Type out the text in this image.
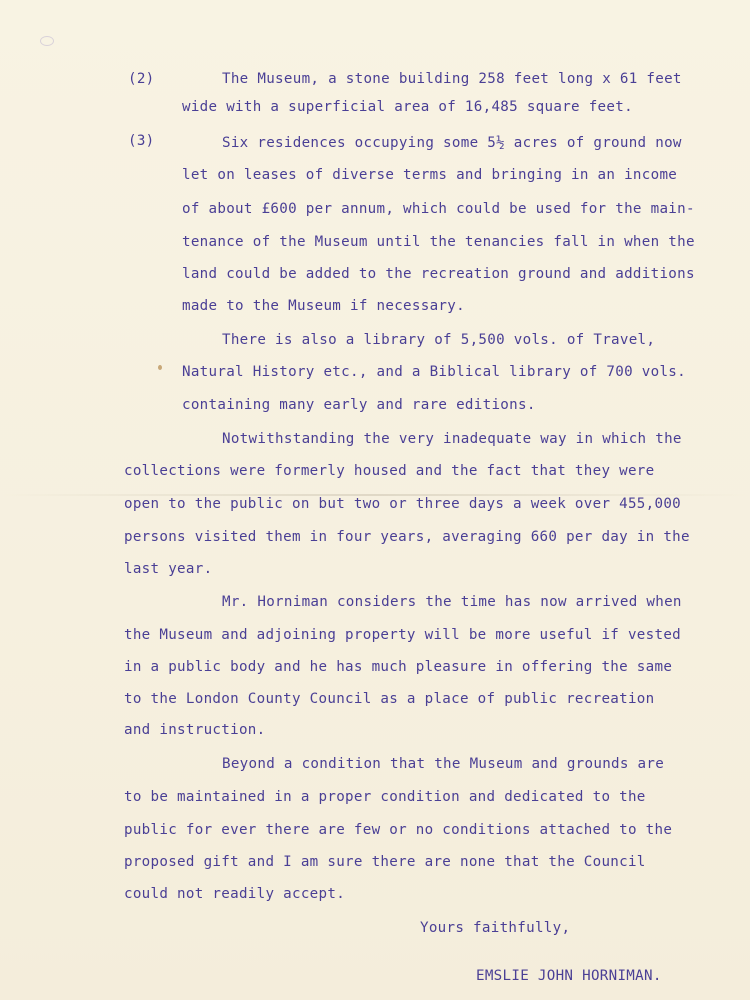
(2)	The Museum, a stone building 258 feet long x 61 feet
wide with a superficial area of 16,485 square feet.
(3)	Six residences occupying some 5½ acres of ground now
let on leases of diverse terms and bringing in an income
of about £600 per annum, which could be used for the main-
tenance of the Museum until the tenancies fall in when the
land could be added to the recreation ground and additions
made to the Museum if necessary.
There is also a library of 5,500 vols. of Travel,
Natural History etc., and a Biblical library of 700 vols.
containing many early and rare editions.
Notwithstanding the very inadequate way in which the
collections were formerly housed and the fact that they were
open to the public on but two or three days a week over 455,000
persons visited them in four years, averaging 660 per day in the
last year.
Mr. Horniman considers the time has now arrived when
the Museum and adjoining property will be more useful if vested
in a public body and he has much pleasure in offering the same
to the London County Council as a place of public recreation
and instruction.
Beyond a condition that the Museum and grounds are
to be maintained in a proper condition and dedicated to the
public for ever there are few or no conditions attached to the
proposed gift and I am sure there are none that the Council
could not readily accept.
Yours faithfully,
EMSLIE JOHN HORNIMAN.
